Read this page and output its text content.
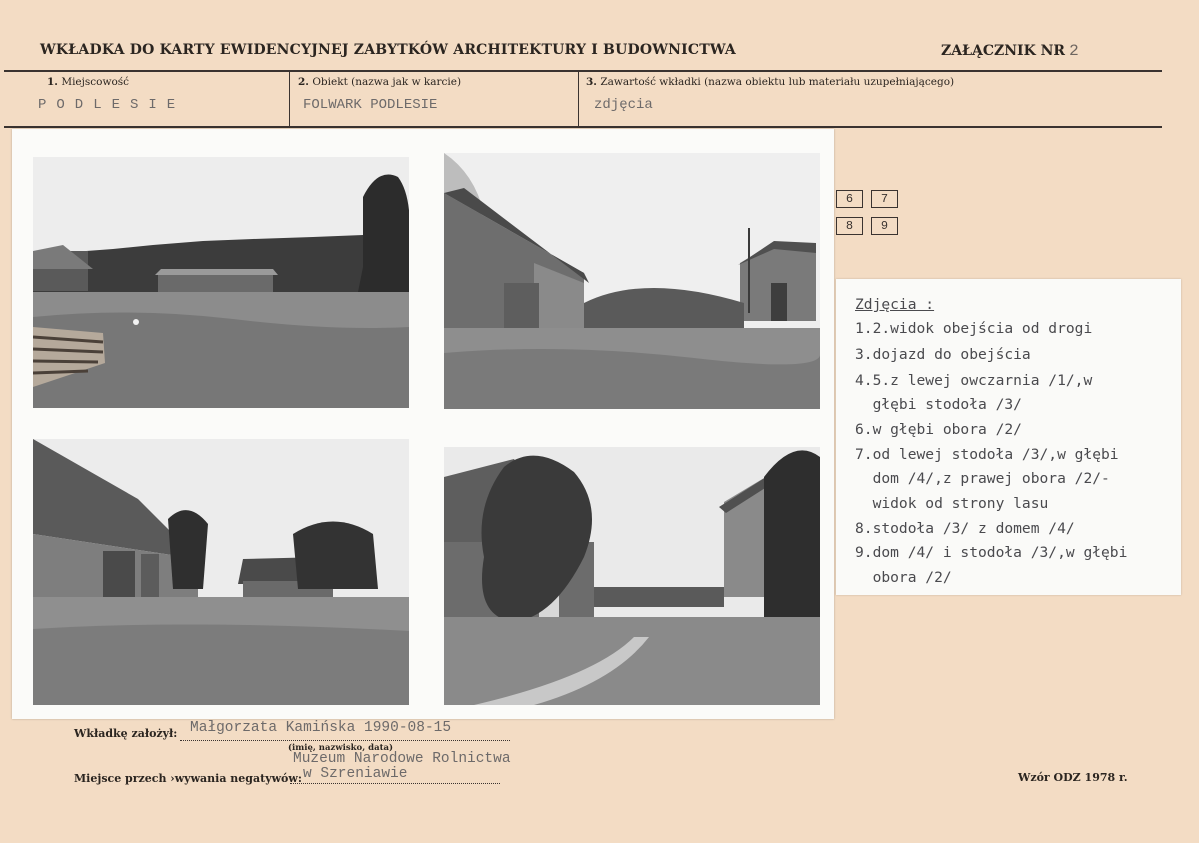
WKŁADKA DO KARTY EWIDENCYJNEJ ZABYTKÓW ARCHITEKTURY I BUDOWNICTWA	ZAŁĄCZNIK NR 2
1. Miejscowość
PODLESIE
2. Obiekt (nazwa jak w karcie)
FOLWARK PODLESIE
3. Zawartość wkładki (nazwa obiektu lub materiału uzupełniającego)
zdjęcia
6	7
8	9
Zdjęcia :
1.2.widok obejścia od drogi
3.dojazd do obejścia
4.5.z lewej owczarnia /1/,w
głębi stodoła /3/
6.w głębi obora /2/
7.od lewej stodoła /3/,w głębi
dom /4/,z prawej obora /2/-
widok od strony lasu
8.stodoła /3/ z domem /4/
9.dom /4/ i stodoła /3/,w głębi
obora /2/
Wkładkę założył: Małgorzata Kamińska 1990-08-15
(imię, nazwisko, data)
Miejsce przech ›wywania negatywów:
Muzeum Narodowe Rolnictwa
w Szreniawie	Wzór ODZ 1978 r.
